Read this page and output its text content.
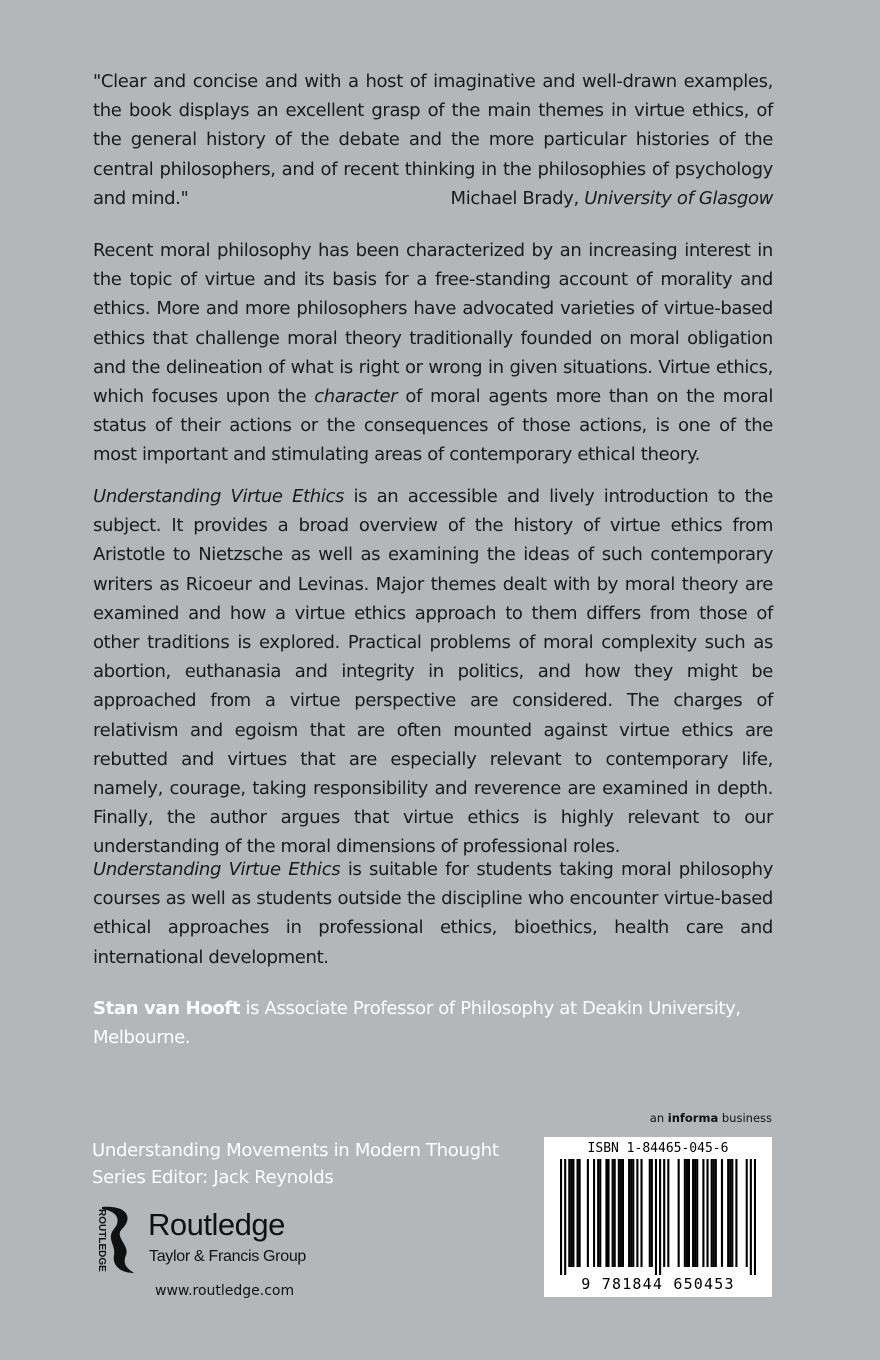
"Clear and concise and with a host of imaginative and well-drawn examples, the book displays an excellent grasp of the main themes in virtue ethics, of the general history of the debate and the more particular histories of the central philosophers, and of recent thinking in the philosophies of psychology and mind."	Michael Brady, University of Glasgow
Recent moral philosophy has been characterized by an increasing interest in the topic of virtue and its basis for a free-standing account of morality and ethics. More and more philosophers have advocated varieties of virtue-based ethics that challenge moral theory traditionally founded on moral obligation and the delineation of what is right or wrong in given situations. Virtue ethics, which focuses upon the character of moral agents more than on the moral status of their actions or the consequences of those actions, is one of the most important and stimulating areas of contemporary ethical theory.
Understanding Virtue Ethics is an accessible and lively introduction to the subject. It provides a broad overview of the history of virtue ethics from Aristotle to Nietzsche as well as examining the ideas of such contemporary writers as Ricoeur and Levinas. Major themes dealt with by moral theory are examined and how a virtue ethics approach to them differs from those of other traditions is explored. Practical problems of moral complexity such as abortion, euthanasia and integrity in politics, and how they might be approached from a virtue perspective are considered. The charges of relativism and egoism that are often mounted against virtue ethics are rebutted and virtues that are especially relevant to contemporary life, namely, courage, taking responsibility and reverence are examined in depth. Finally, the author argues that virtue ethics is highly relevant to our understanding of the moral dimensions of professional roles.
Understanding Virtue Ethics is suitable for students taking moral philosophy courses as well as students outside the discipline who encounter virtue-based ethical approaches in professional ethics, bioethics, health care and international development.
Stan van Hooft is Associate Professor of Philosophy at Deakin University, Melbourne.
an informa business
Understanding Movements in Modern Thought
Series Editor: Jack Reynolds
ROUTLEDGE Routledge
Taylor & Francis Group
www.routledge.com
ISBN 1-84465-045-6
9 781844 650453
